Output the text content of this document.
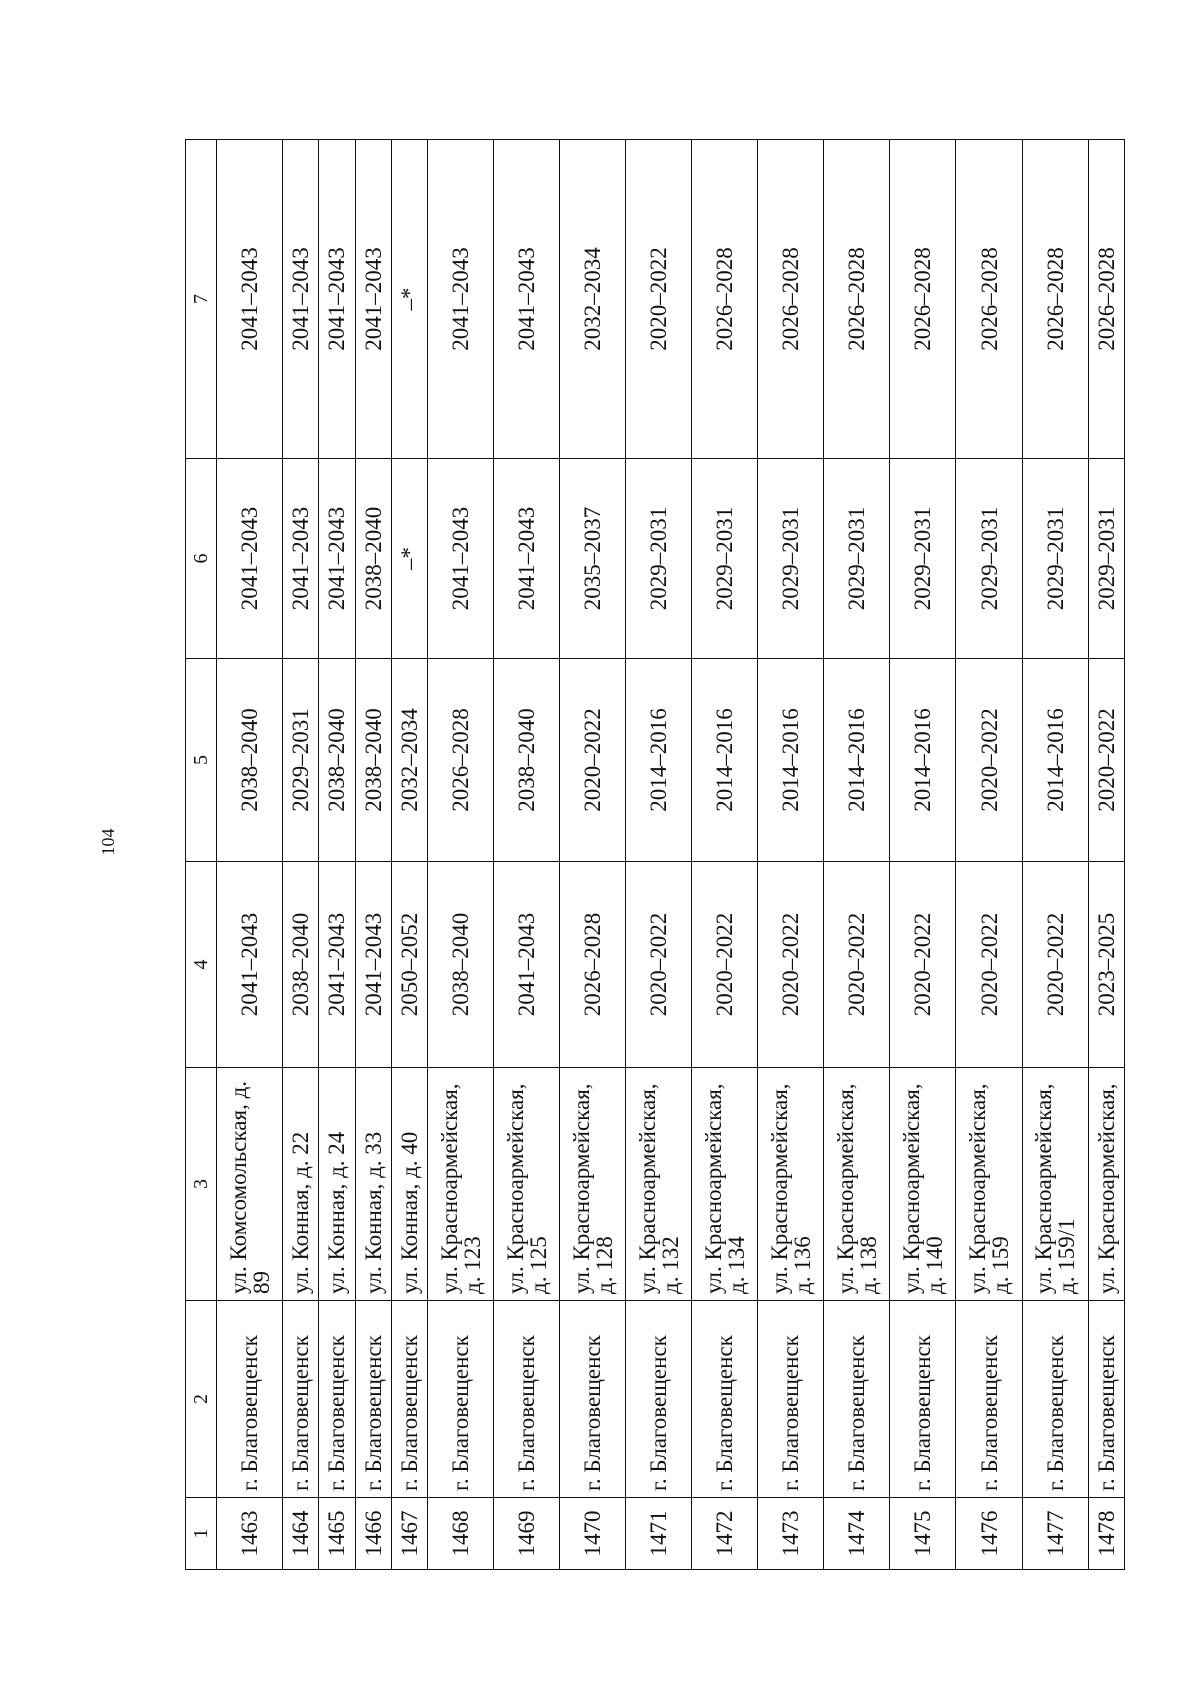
104
1	2	3	4	5	6	7
1463	г. Благовещенск	ул. Комсомольская, д. 89	2041–2043	2038–2040	2041–2043	2041–2043
1464	г. Благовещенск	ул. Конная, д. 22	2038–2040	2029–2031	2041–2043	2041–2043
1465	г. Благовещенск	ул. Конная, д. 24	2041–2043	2038–2040	2041–2043	2041–2043
1466	г. Благовещенск	ул. Конная, д. 33	2041–2043	2038–2040	2038–2040	2041–2043
1467	г. Благовещенск	ул. Конная, д. 40	2050–2052	2032–2034	–*	–*
1468	г. Благовещенск	ул. Красноармейская, д. 123	2038–2040	2026–2028	2041–2043	2041–2043
1469	г. Благовещенск	ул. Красноармейская, д. 125	2041–2043	2038–2040	2041–2043	2041–2043
1470	г. Благовещенск	ул. Красноармейская, д. 128	2026–2028	2020–2022	2035–2037	2032–2034
1471	г. Благовещенск	ул. Красноармейская, д. 132	2020–2022	2014–2016	2029–2031	2020–2022
1472	г. Благовещенск	ул. Красноармейская, д. 134	2020–2022	2014–2016	2029–2031	2026–2028
1473	г. Благовещенск	ул. Красноармейская, д. 136	2020–2022	2014–2016	2029–2031	2026–2028
1474	г. Благовещенск	ул. Красноармейская, д. 138	2020–2022	2014–2016	2029–2031	2026–2028
1475	г. Благовещенск	ул. Красноармейская, д. 140	2020–2022	2014–2016	2029–2031	2026–2028
1476	г. Благовещенск	ул. Красноармейская, д. 159	2020–2022	2020–2022	2029–2031	2026–2028
1477	г. Благовещенск	ул. Красноармейская, д. 159/1	2020–2022	2014–2016	2029–2031	2026–2028
1478	г. Благовещенск	ул. Красноармейская,	2023–2025	2020–2022	2029–2031	2026–2028
